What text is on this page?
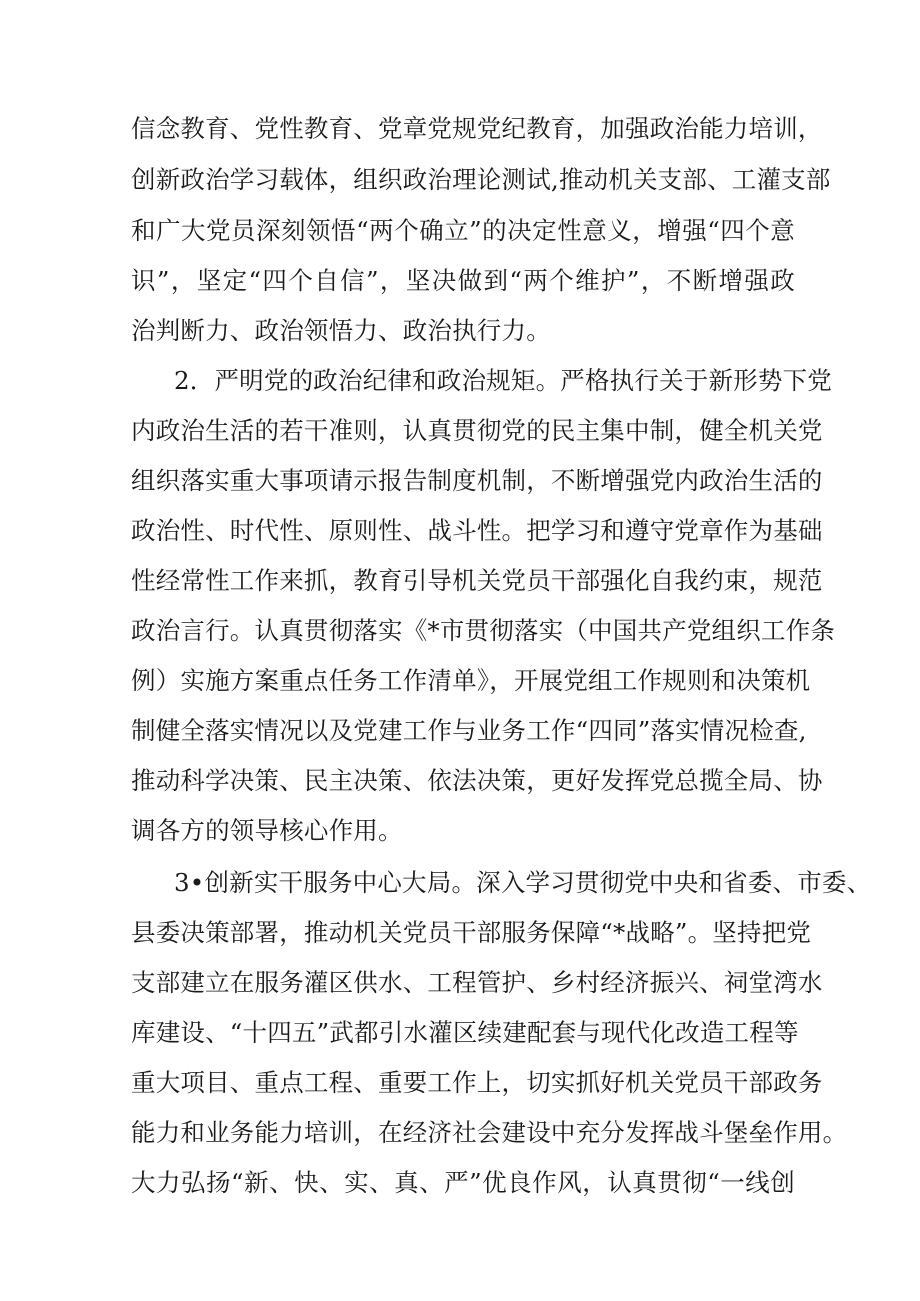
信念教育、党性教育、党章党规党纪教育，加强政治能力培训，
创新政治学习载体，组织政治理论测试,推动机关支部、工灌支部
和广大党员深刻领悟“两个确立”的决定性意义，增强“四个意
识”，坚定“四个自信”，坚决做到“两个维护”，不断增强政
治判断力、政治领悟力、政治执行力。
2．严明党的政治纪律和政治规矩。严格执行关于新形势下党
内政治生活的若干准则，认真贯彻党的民主集中制，健全机关党
组织落实重大事项请示报告制度机制，不断增强党内政治生活的
政治性、时代性、原则性、战斗性。把学习和遵守党章作为基础
性经常性工作来抓，教育引导机关党员干部强化自我约束，规范
政治言行。认真贯彻落实《*市贯彻落实（中国共产党组织工作条
例）实施方案重点任务工作清单》，开展党组工作规则和决策机
制健全落实情况以及党建工作与业务工作“四同”落实情况检查,
推动科学决策、民主决策、依法决策，更好发挥党总揽全局、协
调各方的领导核心作用。
3•创新实干服务中心大局。深入学习贯彻党中央和省委、市委、
县委决策部署，推动机关党员干部服务保障“*战略”。坚持把党
支部建立在服务灌区供水、工程管护、乡村经济振兴、祠堂湾水
库建设、“十四五”武都引水灌区续建配套与现代化改造工程等
重大项目、重点工程、重要工作上，切实抓好机关党员干部政务
能力和业务能力培训，在经济社会建设中充分发挥战斗堡垒作用。
大力弘扬“新、快、实、真、严”优良作风，认真贯彻“一线创
